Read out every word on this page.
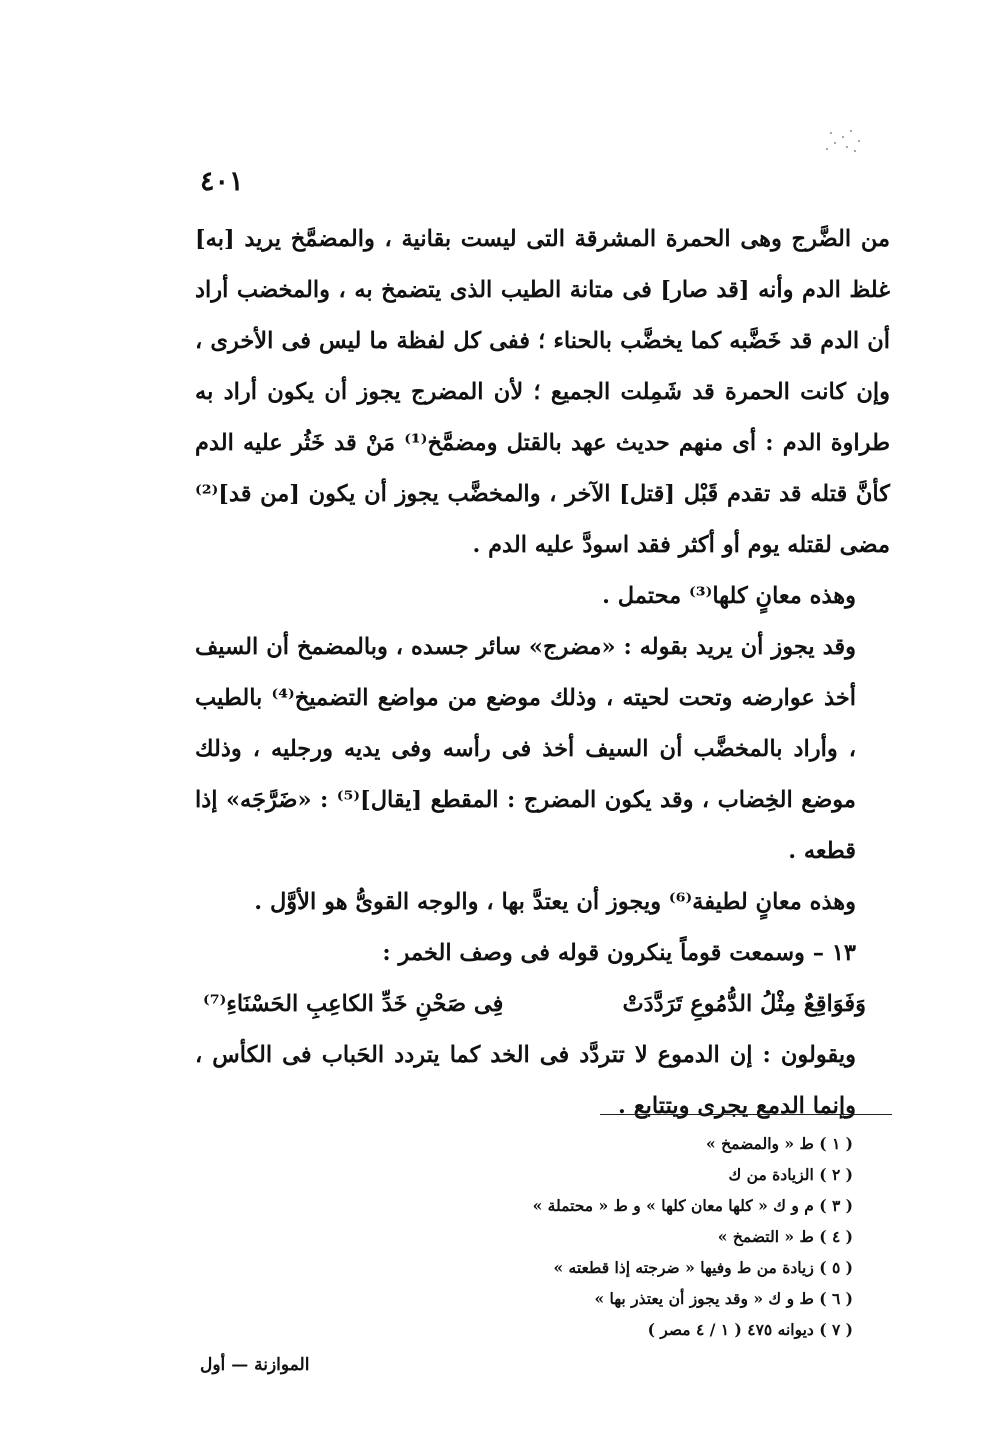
٤٠١

من الضَّرج وهى الحمرة المشرقة التى ليست بقانية ، والمضمَّخ يريد [به] غلظ الدم وأنه [قد صار] فى متانة الطيب الذى يتضمخ به ، والمخضب أراد أن الدم قد خَضَّبه كما يخضَّب بالحناء ؛ ففى كل لفظة ما ليس فى الأخرى ، وإن كانت الحمرة قد شَمِلت الجميع ؛ لأن المضرج يجوز أن يكون أراد به طراوة الدم : أى منهم حديث عهد بالقتل ومضمَّخ⁽¹⁾ مَنْ قد خَثُر عليه الدم كأنَّ قتله قد تقدم قَبْل [قتل] الآخر ، والمخضَّب يجوز أن يكون [من قد]⁽²⁾ مضى لقتله يوم أو أكثر فقد اسودَّ عليه الدم .

وهذه معانٍ كلها⁽³⁾ محتمل .

وقد يجوز أن يريد بقوله : «مضرج» سائر جسده ، وبالمضمخ أن السيف أخذ عوارضه وتحت لحيته ، وذلك موضع من مواضع التضميخ⁽⁴⁾ بالطيب ، وأراد بالمخضَّب أن السيف أخذ فى رأسه وفى يديه ورجليه ، وذلك موضع الخِضاب ، وقد يكون المضرج : المقطع [يقال]⁽⁵⁾ : «ضَرَّجَه» إذا قطعه .

وهذه معانٍ لطيفة⁽⁶⁾ ويجوز أن يعتدَّ بها ، والوجه القوىُّ هو الأوَّل .

١٣ – وسمعت قوماً ينكرون قوله فى وصف الخمر :

وَفَوَاقِعٌ مِثْلُ الدُّمُوعِ تَرَدَّدَتْ
فِى صَحْنِ خَدِّ الكاعِبِ الحَسْنَاءِ⁽⁷⁾

ويقولون : إن الدموع لا تتردَّد فى الخد كما يتردد الحَباب فى الكأس ، وإنما الدمع يجرى ويتتابع .

( ١ ) ط « والمضمخ »
( ٢ ) الزيادة من ك
( ٣ ) م و ك « كلها معان كلها » و ط « محتملة »
( ٤ ) ط « التضمخ »
( ٥ ) زيادة من ط وفيها « ضرجته إذا قطعته »
( ٦ ) ط و ك « وقد يجوز أن يعتذر بها »
( ٧ ) ديوانه ٤٧٥ ( ١ / ٤ مصر )
الموازنة — أول
